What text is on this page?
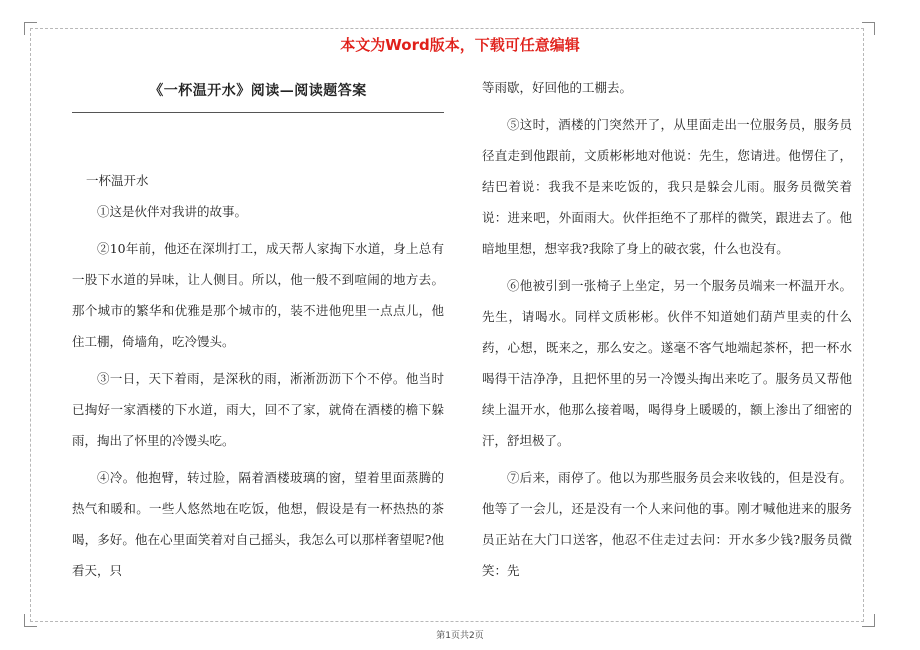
本文为Word版本，下载可任意编辑
《一杯温开水》阅读—阅读题答案
一杯温开水

①这是伙伴对我讲的故事。

②10年前，他还在深圳打工，成天帮人家掏下水道，身上总有一股下水道的异味，让人侧目。所以，他一般不到喧闹的地方去。那个城市的繁华和优雅是那个城市的，装不进他兜里一点点儿，他住工棚，倚墙角，吃冷馒头。

③一日，天下着雨，是深秋的雨，淅淅沥沥下个不停。他当时已掏好一家酒楼的下水道，雨大，回不了家，就倚在酒楼的檐下躲雨，掏出了怀里的冷馒头吃。

④冷。他抱臂，转过脸，隔着酒楼玻璃的窗，望着里面蒸腾的热气和暖和。一些人悠然地在吃饭，他想，假设是有一杯热热的茶喝，多好。他在心里面笑着对自己摇头，我怎么可以那样奢望呢?他看天，只

等雨歇，好回他的工棚去。

⑤这时，酒楼的门突然开了，从里面走出一位服务员，服务员径直走到他跟前，文质彬彬地对他说：先生，您请进。他愣住了，结巴着说：我我不是来吃饭的，我只是躲会儿雨。服务员微笑着说：进来吧，外面雨大。伙伴拒绝不了那样的微笑，跟进去了。他暗地里想，想宰我?我除了身上的破衣裳，什么也没有。

⑥他被引到一张椅子上坐定，另一个服务员端来一杯温开水。先生，请喝水。同样文质彬彬。伙伴不知道她们葫芦里卖的什么药，心想，既来之，那么安之。遂毫不客气地端起茶杯，把一杯水喝得干洁净净，且把怀里的另一冷馒头掏出来吃了。服务员又帮他续上温开水，他那么接着喝，喝得身上暖暖的，额上渗出了细密的汗，舒坦极了。

⑦后来，雨停了。他以为那些服务员会来收钱的，但是没有。他等了一会儿，还是没有一个人来问他的事。刚才喊他进来的服务员正站在大门口送客，他忍不住走过去问：开水多少钱?服务员微笑：先

第1页共2页
